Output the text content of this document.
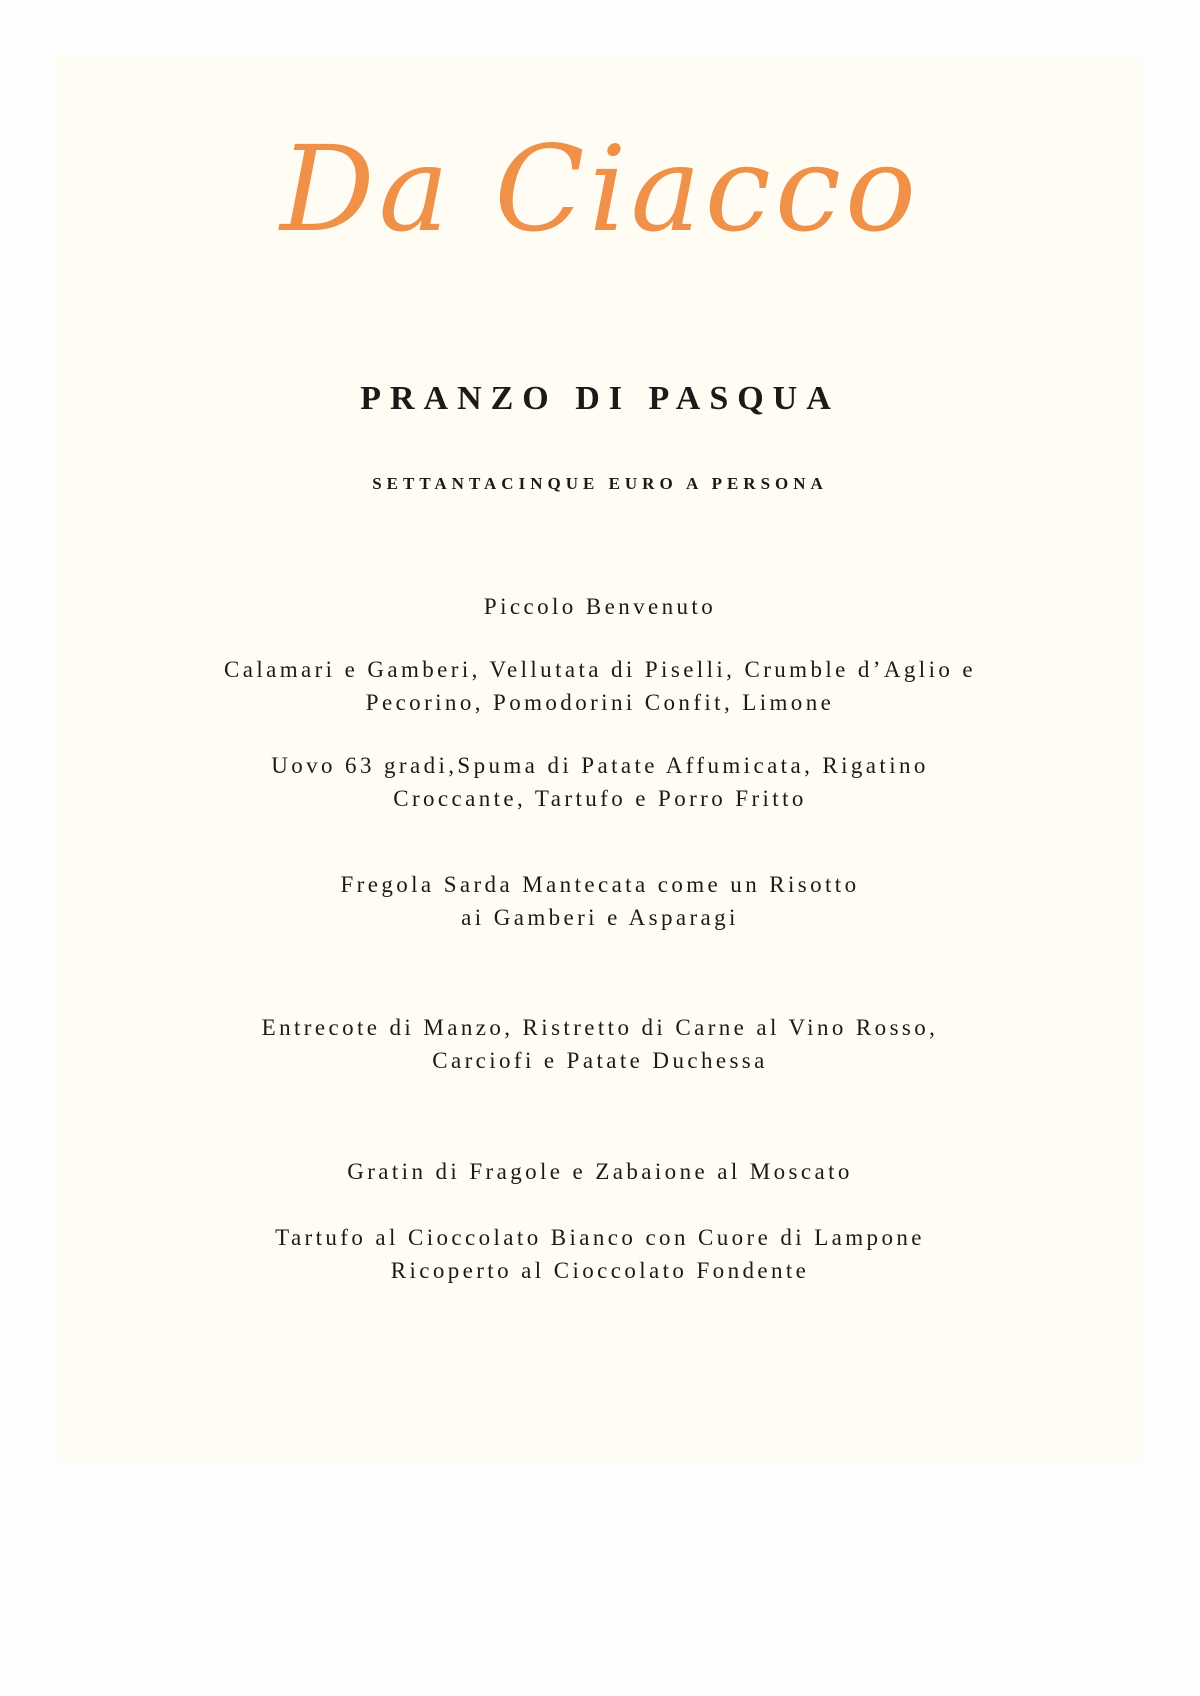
Da Ciacco
PRANZO DI PASQUA
SETTANTACINQUE EURO A PERSONA
Piccolo Benvenuto
Calamari e Gamberi, Vellutata di Piselli, Crumble d’Aglio e
Pecorino, Pomodorini Confit, Limone
Uovo 63 gradi,Spuma di Patate Affumicata, Rigatino
Croccante, Tartufo e Porro Fritto
Fregola Sarda Mantecata come un Risotto
ai Gamberi e Asparagi
Entrecote di Manzo, Ristretto di Carne al Vino Rosso,
Carciofi e Patate Duchessa
Gratin di Fragole e Zabaione al Moscato
Tartufo al Cioccolato Bianco con Cuore di Lampone
Ricoperto al Cioccolato Fondente
